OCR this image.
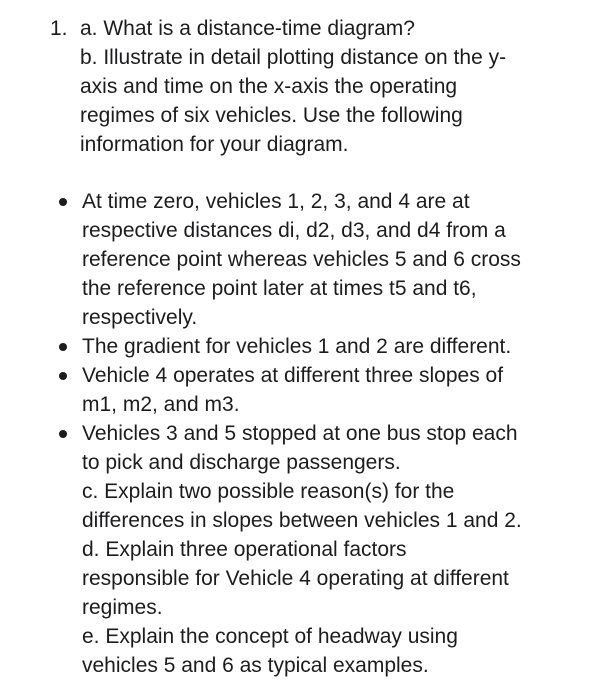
1. a. What is a distance-time diagram?
b. Illustrate in detail plotting distance on the y-
axis and time on the x-axis the operating
regimes of six vehicles. Use the following
information for your diagram.
At time zero, vehicles 1, 2, 3, and 4 are at
respective distances di, d2, d3, and d4 from a
reference point whereas vehicles 5 and 6 cross
the reference point later at times t5 and t6,
respectively.
The gradient for vehicles 1 and 2 are different.
Vehicle 4 operates at different three slopes of
m1, m2, and m3.
Vehicles 3 and 5 stopped at one bus stop each
to pick and discharge passengers.
c. Explain two possible reason(s) for the
differences in slopes between vehicles 1 and 2.
d. Explain three operational factors
responsible for Vehicle 4 operating at different
regimes.
e. Explain the concept of headway using
vehicles 5 and 6 as typical examples.
